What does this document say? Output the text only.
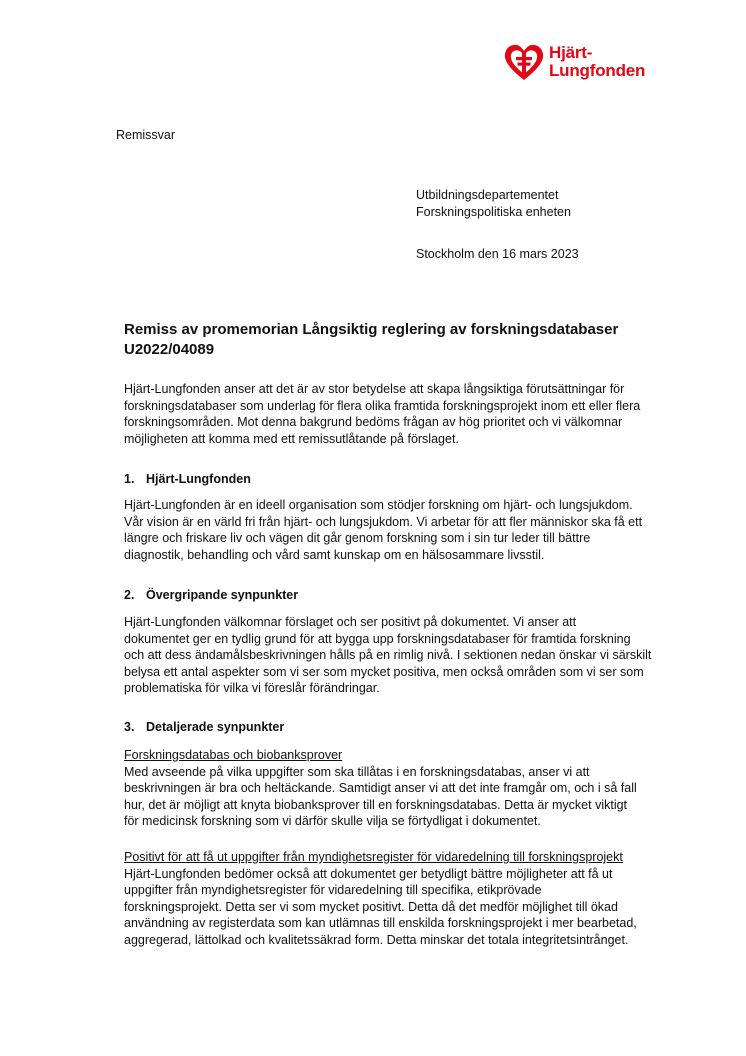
Hjärt-
Lungfonden
Remissvar
Utbildningsdepartementet
Forskningspolitiska enheten
Stockholm den 16 mars 2023
Remiss av promemorian Långsiktig reglering av forskningsdatabaser
U2022/04089
Hjärt-Lungfonden anser att det är av stor betydelse att skapa långsiktiga förutsättningar för
forskningsdatabaser som underlag för flera olika framtida forskningsprojekt inom ett eller flera
forskningsområden. Mot denna bakgrund bedöms frågan av hög prioritet och vi välkomnar
möjligheten att komma med ett remissutlåtande på förslaget.
1. Hjärt-Lungfonden
Hjärt-Lungfonden är en ideell organisation som stödjer forskning om hjärt- och lungsjukdom.
Vår vision är en värld fri från hjärt- och lungsjukdom. Vi arbetar för att fler människor ska få ett
längre och friskare liv och vägen dit går genom forskning som i sin tur leder till bättre
diagnostik, behandling och vård samt kunskap om en hälsosammare livsstil.
2. Övergripande synpunkter
Hjärt-Lungfonden välkomnar förslaget och ser positivt på dokumentet. Vi anser att
dokumentet ger en tydlig grund för att bygga upp forskningsdatabaser för framtida forskning
och att dess ändamålsbeskrivningen hålls på en rimlig nivå. I sektionen nedan önskar vi särskilt
belysa ett antal aspekter som vi ser som mycket positiva, men också områden som vi ser som
problematiska för vilka vi föreslår förändringar.
3. Detaljerade synpunkter
Forskningsdatabas och biobanksprover
Med avseende på vilka uppgifter som ska tillåtas i en forskningsdatabas, anser vi att
beskrivningen är bra och heltäckande. Samtidigt anser vi att det inte framgår om, och i så fall
hur, det är möjligt att knyta biobanksprover till en forskningsdatabas. Detta är mycket viktigt
för medicinsk forskning som vi därför skulle vilja se förtydligat i dokumentet.
Positivt för att få ut uppgifter från myndighetsregister för vidaredelning till forskningsprojekt
Hjärt-Lungfonden bedömer också att dokumentet ger betydligt bättre möjligheter att få ut
uppgifter från myndighetsregister för vidaredelning till specifika, etikprövade
forskningsprojekt. Detta ser vi som mycket positivt. Detta då det medför möjlighet till ökad
användning av registerdata som kan utlämnas till enskilda forskningsprojekt i mer bearbetad,
aggregerad, lättolkad och kvalitetssäkrad form. Detta minskar det totala integritetsintrånget.
